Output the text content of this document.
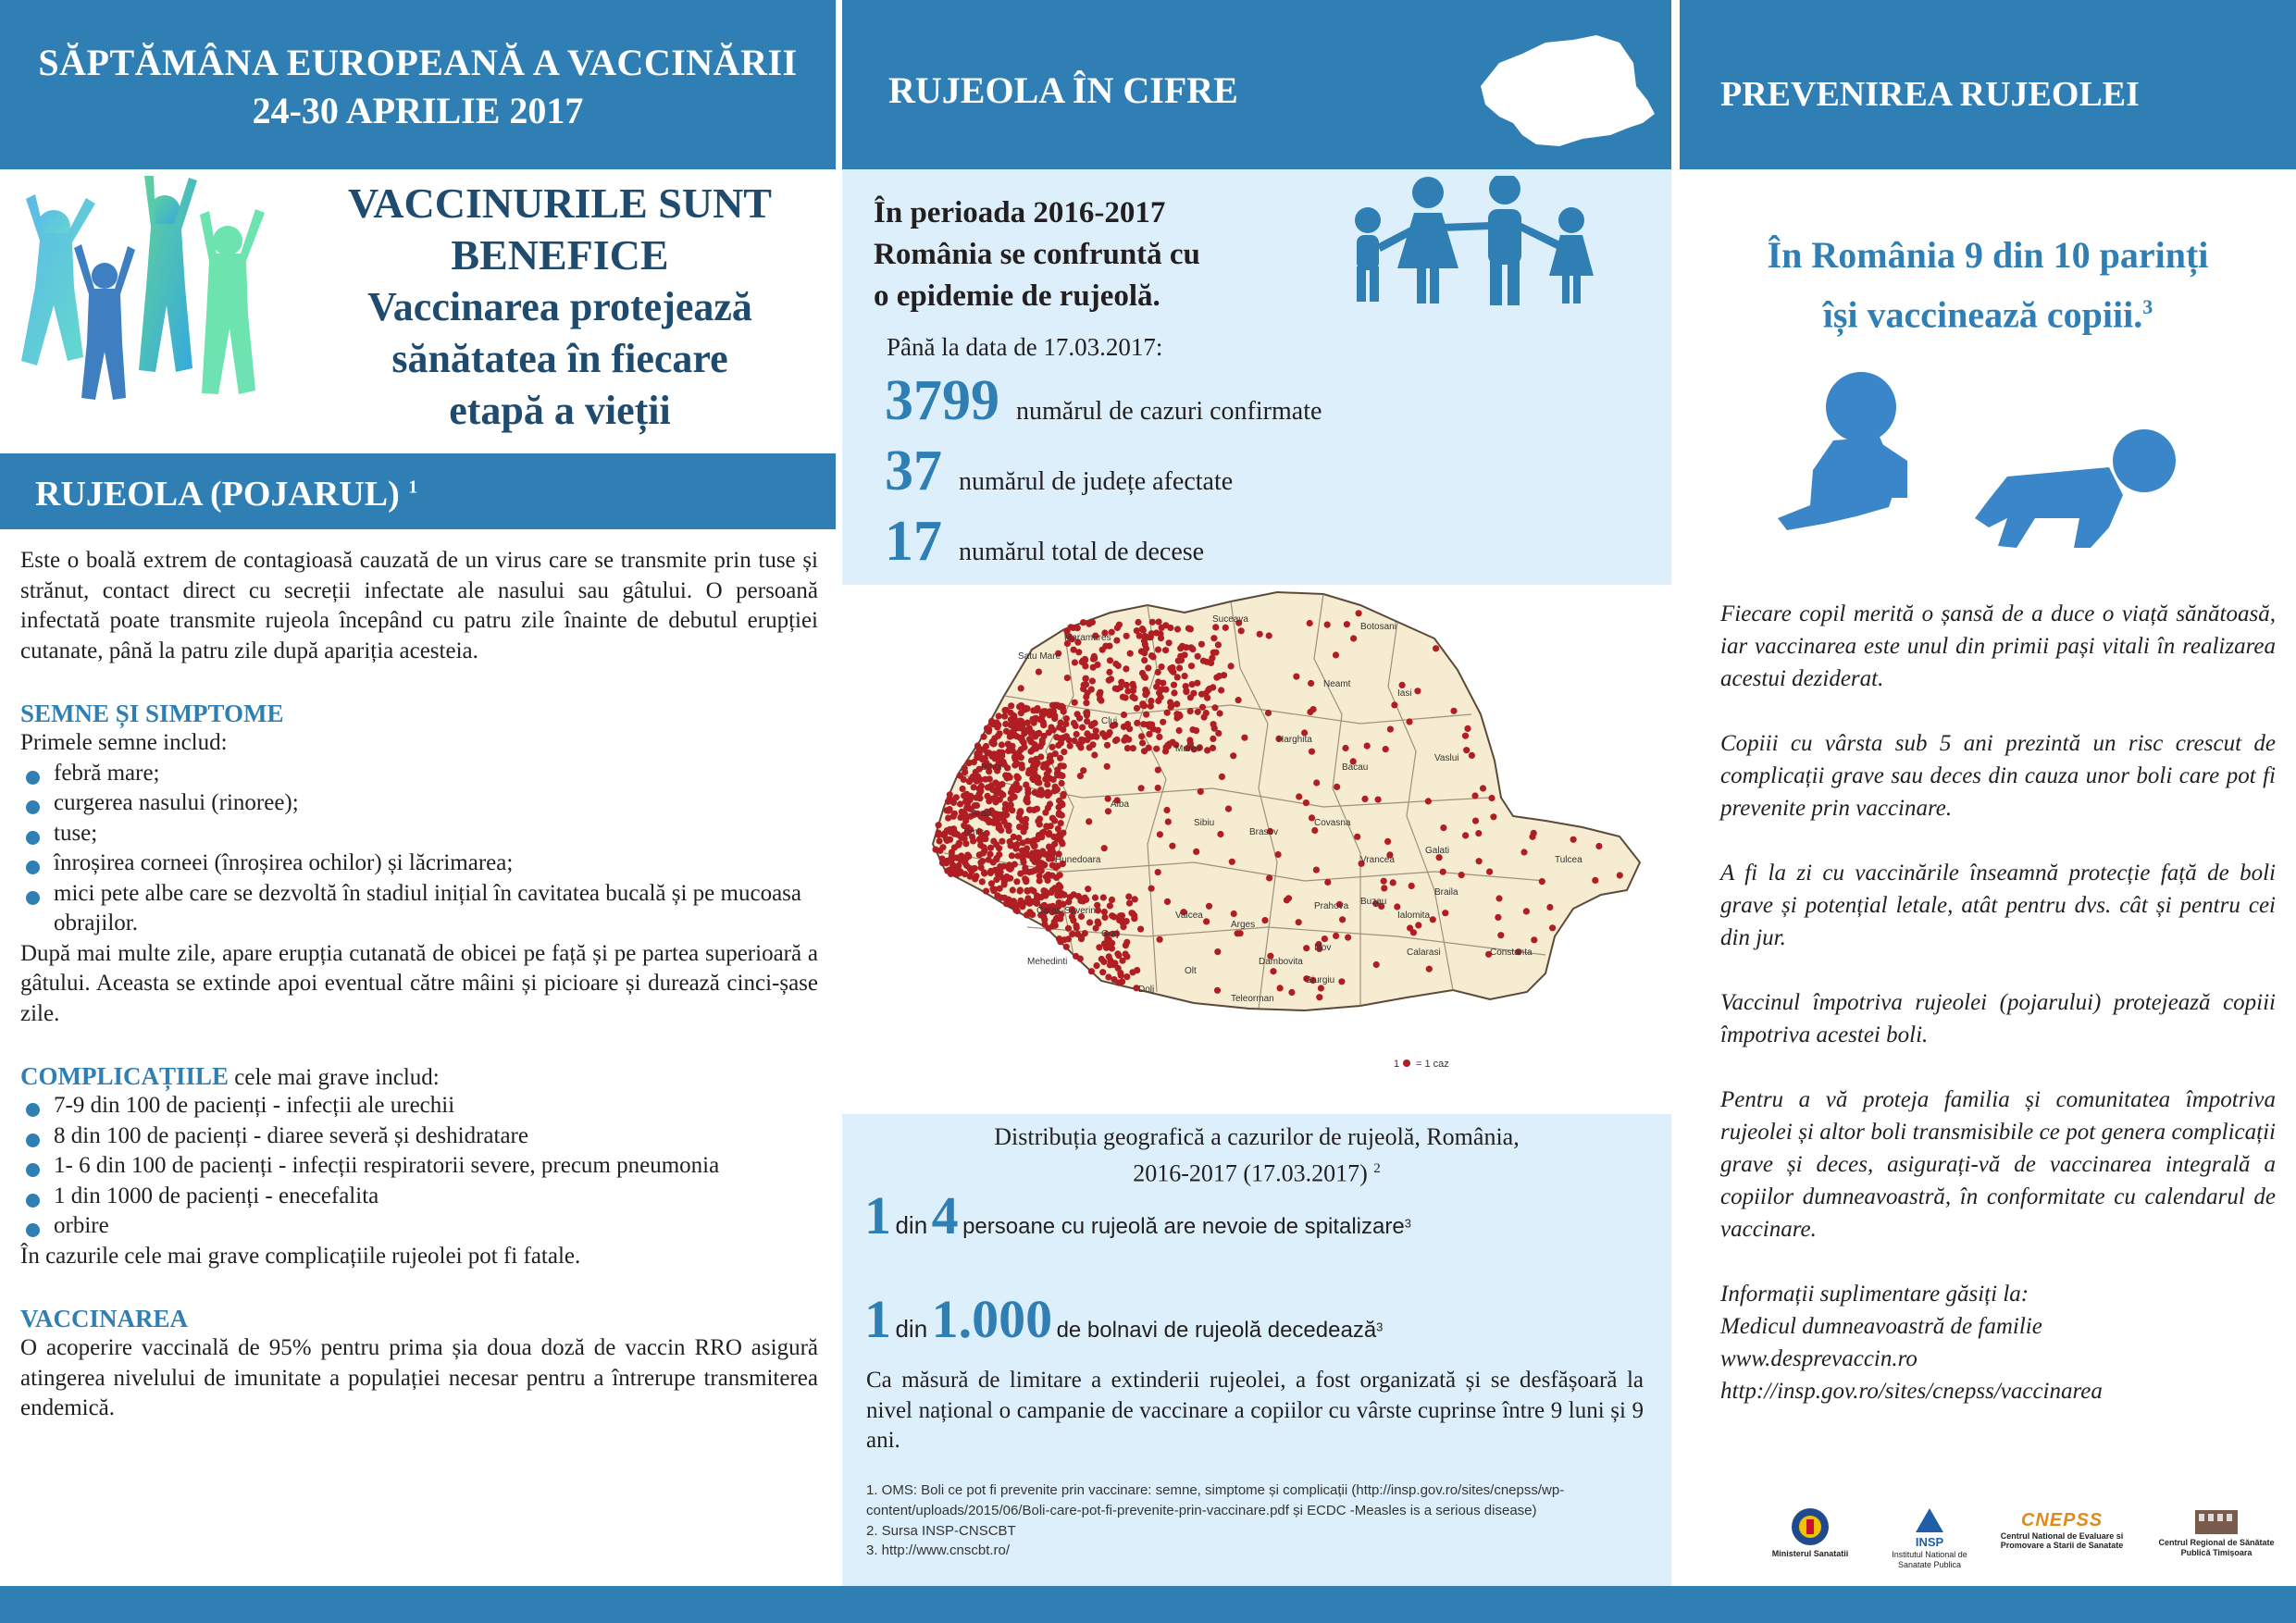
SĂPTĂMÂNA EUROPEANĂ A VACCINĂRII
24-30 APRILIE 2017
VACCINURILE SUNT
BENEFICE
Vaccinarea protejează
sănătatea în fiecare
etapă a vieții
RUJEOLA (POJARUL) $^1$

Este o boală extrem de contagioasă cauzată de un virus care se transmite prin tuse și strănut, contact direct cu secreții infectate ale nasului sau gâtului. O persoană infectată poate transmite rujeola începând cu patru zile înainte de debutul erupției cutanate, până la patru zile după apariția acesteia.

SEMNE ȘI SIMPTOME

Primele semne includ:

febră mare;
curgerea nasului (rinoree);
tuse;
înroșirea corneei (înroșirea ochilor) și lăcrimarea;
mici pete albe care se dezvoltă în stadiul inițial în cavitatea bucală și pe mucoasa obrajilor.

După mai multe zile, apare erupția cutanată de obicei pe față și pe partea superioară a gâtului. Aceasta se extinde apoi eventual către mâini și picioare și durează cinci-șase zile.

COMPLICAȚIILE cele mai grave includ:
7-9 din 100 de pacienți - infecții ale urechii
8 din 100 de pacienți - diaree severă și deshidratare
1- 6 din 100 de pacienți - infecții respiratorii severe, precum pneumonia
1 din 1000 de pacienți - enecefalita
orbire

În cazurile cele mai grave complicațiile rujeolei pot fi fatale.

VACCINAREA

O acoperire vaccinală de 95% pentru prima șia doua doză de vaccin RRO asigură atingerea nivelului de imunitate a populației necesar pentru a întrerupe transmiterea endemică.

RUJEOLA ÎN CIFRE
În perioada 2016-2017
România se confruntă cu
o epidemie de rujeolă.
Până la data de 17.03.2017:
3799 numărul de cazuri confirmate
37 numărul de județe afectate
17 numărul total de decese
Maramures
Suceava
Botosani
Satu Mare
Bihor
Cluj
Mures
Harghita
Neamt
Iasi
Vaslui
Bacau
Covasna
Vrancea
Galati
Brasov
Buzau
Braila
Tulcea
Arad
Alba
Sibiu
Hunedoara
Timis
Caras-Severin
Mehedinti
Gorj
Valcea
Arges
Prahova
Dambovita
Olt
Dolj
Teleorman
Giurgiu
Ilfov	Calarasi
Ialomita
Constanta
1 = 1 caz
Distribuția geografică a cazurilor de rujeolă, România,
2016-2017 (17.03.2017) $^2$
1 din 4 persoane cu rujeolă are nevoie de spitalizare$^3$
1 din 1.000 de bolnavi de rujeolă decedează$^3$

Ca măsură de limitare a extinderii rujeolei, a fost organizată și se desfășoară la nivel național o campanie de vaccinare a copiilor cu vârste cuprinse între 9 luni și 9 ani.

1. OMS: Boli ce pot fi prevenite prin vaccinare: semne, simptome și complicații (http://insp.gov.ro/sites/cnepss/wp-content/uploads/2015/06/Boli-care-pot-fi-prevenite-prin-vaccinare.pdf și ECDC -Measles is a serious disease)
2. Sursa INSP-CNSCBT
3. http://www.cnscbt.ro/
PREVENIREA RUJEOLEI
În România 9 din 10 parinți
își vaccinează copiii.$^3$

Fiecare copil merită o șansă de a duce o viață sănătoasă, iar vaccinarea este unul din primii pași vitali în realizarea acestui deziderat.

Copiii cu vârsta sub 5 ani prezintă un risc crescut de complicații grave sau deces din cauza unor boli care pot fi prevenite prin vaccinare.

A fi la zi cu vaccinările înseamnă protecție față de boli grave și potențial letale, atât pentru dvs. cât și pentru cei din jur.

Vaccinul împotriva rujeolei (pojarului) protejează copiii împotriva acestei boli.

Pentru a vă proteja familia și comunitatea împotriva rujeolei și altor boli transmisibile ce pot genera complicații grave și deces, asigurați-vă de vaccinarea integrală a copiilor dumneavoastră, în conformitate cu calendarul de vaccinare.

Informații suplimentare găsiți la:
Medicul dumneavoastră de familie
www.desprevaccin.ro
http://insp.gov.ro/sites/cnepss/vaccinarea
Ministerul Sanatatii
INSP
Institutul National de Sanatate Publica
CNEPSS
Centrul National de Evaluare si Promovare a Starii de Sanatate	Centrul Regional de Sănătate Publică Timișoara
